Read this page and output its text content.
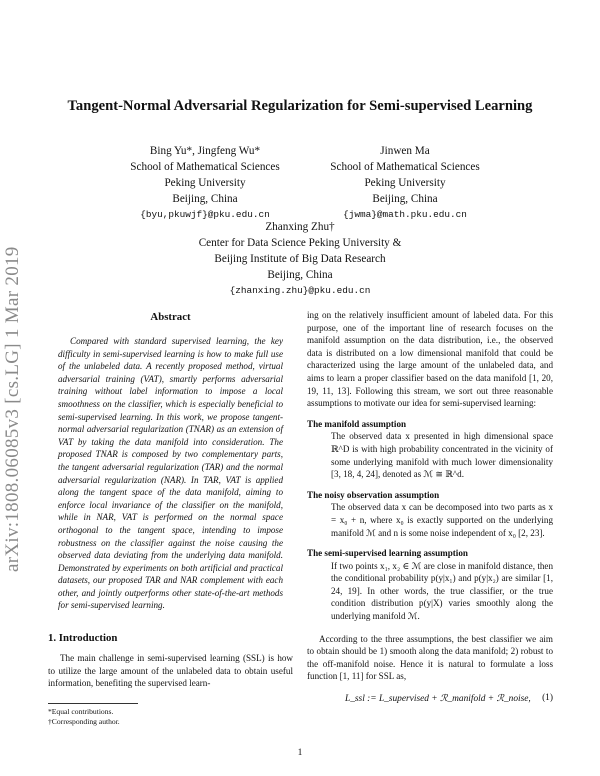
arXiv:1808.06085v3 [cs.LG] 1 Mar 2019
Tangent-Normal Adversarial Regularization for Semi-supervised Learning
Bing Yu*, Jingfeng Wu*
School of Mathematical Sciences
Peking University
Beijing, China
{byu,pkuwjf}@pku.edu.cn
Jinwen Ma
School of Mathematical Sciences
Peking University
Beijing, China
{jwma}@math.pku.edu.cn
Zhanxing Zhu†
Center for Data Science Peking University &
Beijing Institute of Big Data Research
Beijing, China
{zhanxing.zhu}@pku.edu.cn
Abstract

Compared with standard supervised learning, the key difficulty in semi-supervised learning is how to make full use of the unlabeled data. A recently proposed method, virtual adversarial training (VAT), smartly performs adversarial training without label information to impose a local smoothness on the classifier, which is especially beneficial to semi-supervised learning. In this work, we propose tangent-normal adversarial regularization (TNAR) as an extension of VAT by taking the data manifold into consideration. The proposed TNAR is composed by two complementary parts, the tangent adversarial regularization (TAR) and the normal adversarial regularization (NAR). In TAR, VAT is applied along the tangent space of the data manifold, aiming to enforce local invariance of the classifier on the manifold, while in NAR, VAT is performed on the normal space orthogonal to the tangent space, intending to impose robustness on the classifier against the noise causing the observed data deviating from the underlying data manifold. Demonstrated by experiments on both artificial and practical datasets, our proposed TAR and NAR complement with each other, and jointly outperforms other state-of-the-art methods for semi-supervised learning.

1. Introduction

The main challenge in semi-supervised learning (SSL) is how to utilize the large amount of the unlabeled data to obtain useful information, benefiting the supervised learn-

*Equal contributions.
†Corresponding author.

ing on the relatively insufficient amount of labeled data. For this purpose, one of the important line of research focuses on the manifold assumption on the data distribution, i.e., the observed data is distributed on a low dimensional manifold that could be characterized using the large amount of the unlabeled data, and aims to learn a proper classifier based on the data manifold [1, 20, 19, 11, 13]. Following this stream, we sort out three reasonable assumptions to motivate our idea for semi-supervised learning:

The manifold assumption

The observed data x presented in high dimensional space ℝ^D is with high probability concentrated in the vicinity of some underlying manifold with much lower dimensionality [3, 18, 4, 24], denoted as ℳ ≅ ℝ^d.

The noisy observation assumption

The observed data x can be decomposed into two parts as x = x₀ + n, where x₀ is exactly supported on the underlying manifold ℳ and n is some noise independent of x₀ [2, 23].

The semi-supervised learning assumption

If two points x₁, x₂ ∈ ℳ are close in manifold distance, then the conditional probability p(y|x₁) and p(y|x₂) are similar [1, 24, 19]. In other words, the true classifier, or the true condition distribution p(y|X) varies smoothly along the underlying manifold ℳ.

According to the three assumptions, the best classifier we aim to obtain should be 1) smooth along the data manifold; 2) robust to the off-manifold noise. Hence it is natural to formulate a loss function [1, 11] for SSL as,

L_ssl := L_supervised + ℛ_manifold + ℛ_noise, (1)
1
